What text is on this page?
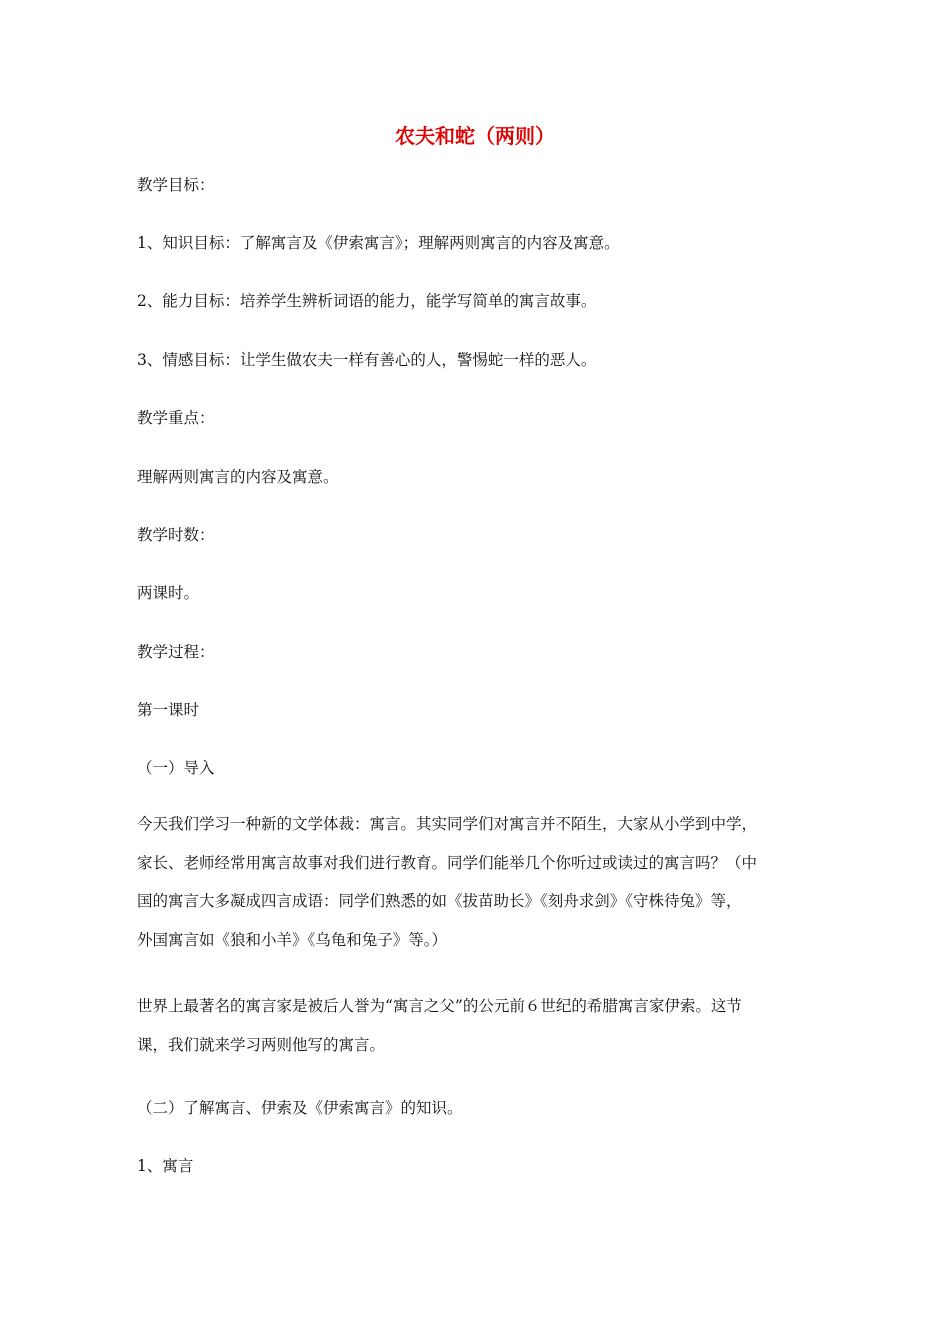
农夫和蛇（两则）
教学目标：
1、知识目标：了解寓言及《伊索寓言》；理解两则寓言的内容及寓意。
2、能力目标：培养学生辨析词语的能力，能学写简单的寓言故事。
3、情感目标：让学生做农夫一样有善心的人，警惕蛇一样的恶人。
教学重点：
理解两则寓言的内容及寓意。
教学时数：
两课时。
教学过程：
第一课时
（一）导入
今天我们学习一种新的文学体裁：寓言。其实同学们对寓言并不陌生，大家从小学到中学，
家长、老师经常用寓言故事对我们进行教育。同学们能举几个你听过或读过的寓言吗？（中
国的寓言大多凝成四言成语：同学们熟悉的如《拔苗助长》《刻舟求剑》《守株待兔》等，
外国寓言如《狼和小羊》《乌龟和兔子》等。）
世界上最著名的寓言家是被后人誉为“寓言之父”的公元前６世纪的希腊寓言家伊索。这节
课，我们就来学习两则他写的寓言。
（二）了解寓言、伊索及《伊索寓言》的知识。
1、寓言
